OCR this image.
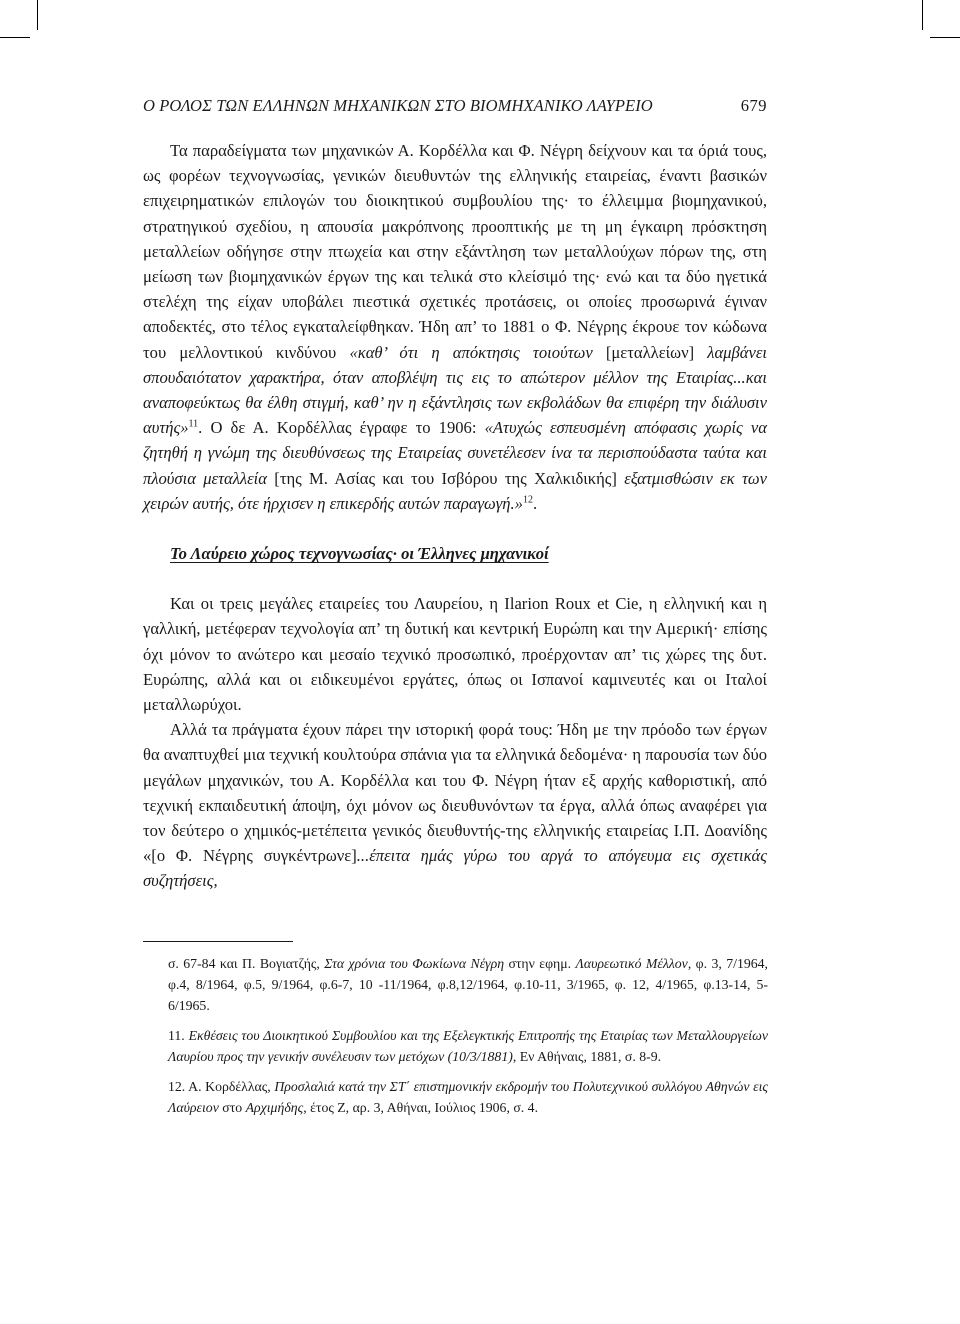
Ο ΡΟΛΟΣ ΤΩΝ ΕΛΛΗΝΩΝ ΜΗΧΑΝΙΚΩΝ ΣΤΟ ΒΙΟΜΗΧΑΝΙΚΟ ΛΑΥΡΕΙΟ	679

Τα παραδείγματα των μηχανικών Α. Κορδέλλα και Φ. Νέγρη δείχνουν και τα όριά τους, ως φορέων τεχνογνωσίας, γενικών διευθυντών της ελληνικής εταιρείας, έναντι βασικών επιχειρηματικών επιλογών του διοικητικού συμβουλίου της· το έλλειμμα βιομηχανικού, στρατηγικού σχεδίου, η απουσία μακρόπνοης προοπτικής με τη μη έγκαιρη πρόσκτηση μεταλλείων οδήγησε στην πτωχεία και στην εξάντληση των μεταλλούχων πόρων της, στη μείωση των βιομηχανικών έργων της και τελικά στο κλείσιμό της· ενώ και τα δύο ηγετικά στελέχη της είχαν υποβάλει πιεστικά σχετικές προτάσεις, οι οποίες προσωρινά έγιναν αποδεκτές, στο τέλος εγκαταλείφθηκαν. Ήδη απ’ το 1881 ο Φ. Νέγρης έκρουε τον κώδωνα του μελλοντικού κινδύνου «καθ’ ότι η απόκτησις τοιούτων [μεταλλείων] λαμβάνει σπουδαιότατον χαρακτήρα, όταν αποβλέψη τις εις το απώτερον μέλλον της Εταιρίας...και αναποφεύκτως θα έλθη στιγμή, καθ’ ην η εξάντλησις των εκβολάδων θα επιφέρη την διάλυσιν αυτής»$^{11}$. Ο δε Α. Κορδέλλας έγραφε το 1906: «Ατυχώς εσπευσμένη απόφασις χωρίς να ζητηθή η γνώμη της διευθύνσεως της Εταιρείας συνετέλεσεν ίνα τα περισπούδαστα ταύτα και πλούσια μεταλλεία [της Μ. Ασίας και του Ισβόρου της Χαλκιδικής] εξατμισθώσιν εκ των χειρών αυτής, ότε ήρχισεν η επικερδής αυτών παραγωγή.»$^{12}$.

Το Λαύρειο χώρος τεχνογνωσίας· οι Έλληνες μηχανικοί

Και οι τρεις μεγάλες εταιρείες του Λαυρείου, η Ilarion Roux et Cie, η ελληνική και η γαλλική, μετέφεραν τεχνολογία απ’ τη δυτική και κεντρική Ευρώπη και την Αμερική· επίσης όχι μόνον το ανώτερο και μεσαίο τεχνικό προσωπικό, προέρχονταν απ’ τις χώρες της δυτ. Ευρώπης, αλλά και οι ειδικευμένοι εργάτες, όπως οι Ισπανοί καμινευτές και οι Ιταλοί μεταλλωρύχοι.

Αλλά τα πράγματα έχουν πάρει την ιστορική φορά τους: Ήδη με την πρόοδο των έργων θα αναπτυχθεί μια τεχνική κουλτούρα σπάνια για τα ελληνικά δεδομένα· η παρουσία των δύο μεγάλων μηχανικών, του Α. Κορδέλλα και του Φ. Νέγρη ήταν εξ αρχής καθοριστική, από τεχνική εκπαιδευτική άποψη, όχι μόνον ως διευθυνόντων τα έργα, αλλά όπως αναφέρει για τον δεύτερο ο χημικός-μετέπειτα γενικός διευθυντής-της ελληνικής εταιρείας Ι.Π. Δοανίδης «[ο Φ. Νέγρης συγκέντρωνε]...έπειτα ημάς γύρω του αργά το απόγευμα εις σχετικάς συζητήσεις,

σ. 67-84 και Π. Βογιατζής, Στα χρόνια του Φωκίωνα Νέγρη στην εφημ. Λαυρεωτικό Μέλλον, φ. 3, 7/1964, φ.4, 8/1964, φ.5, 9/1964, φ.6-7, 10 -11/1964, φ.8,12/1964, φ.10-11, 3/1965, φ. 12, 4/1965, φ.13-14, 5-6/1965.

11. Εκθέσεις του Διοικητικού Συμβουλίου και της Εξελεγκτικής Επιτροπής της Εταιρίας των Μεταλλουργείων Λαυρίου προς την γενικήν συνέλευσιν των μετόχων (10/3/1881), Εν Αθήναις, 1881, σ. 8-9.

12. Α. Κορδέλλας, Προσλαλιά κατά την ΣΤ΄ επιστημονικήν εκδρομήν του Πολυτεχνικού συλλόγου Αθηνών εις Λαύρειον στο Αρχιμήδης, έτος Ζ, αρ. 3, Αθήναι, Ιούλιος 1906, σ. 4.
